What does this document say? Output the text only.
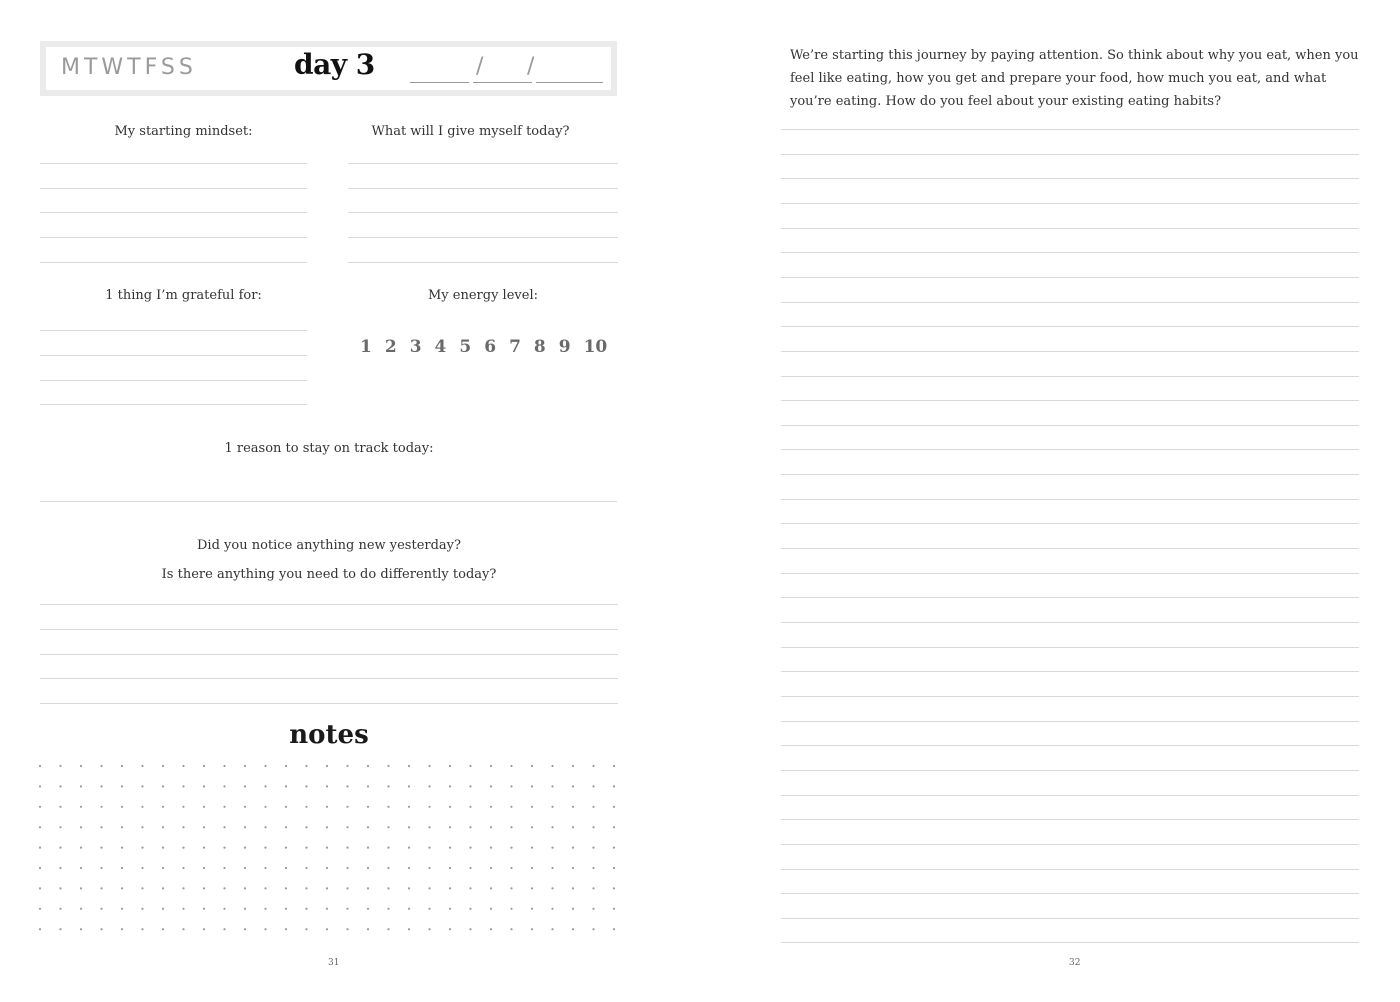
MTWTFSS	day 3	/ /
My starting mindset:	What will I give myself today?
1 thing I’m grateful for:	My energy level:
1 2 3 4 5 6 7 8 9 10
1 reason to stay on track today:
Did you notice anything new yesterday?
Is there anything you need to do differently today?
notes
31
We’re starting this journey by paying attention. So think about why you eat, when you feel like eating, how you get and prepare your food, how much you eat, and what you’re eating. How do you feel about your existing eating habits?
32
